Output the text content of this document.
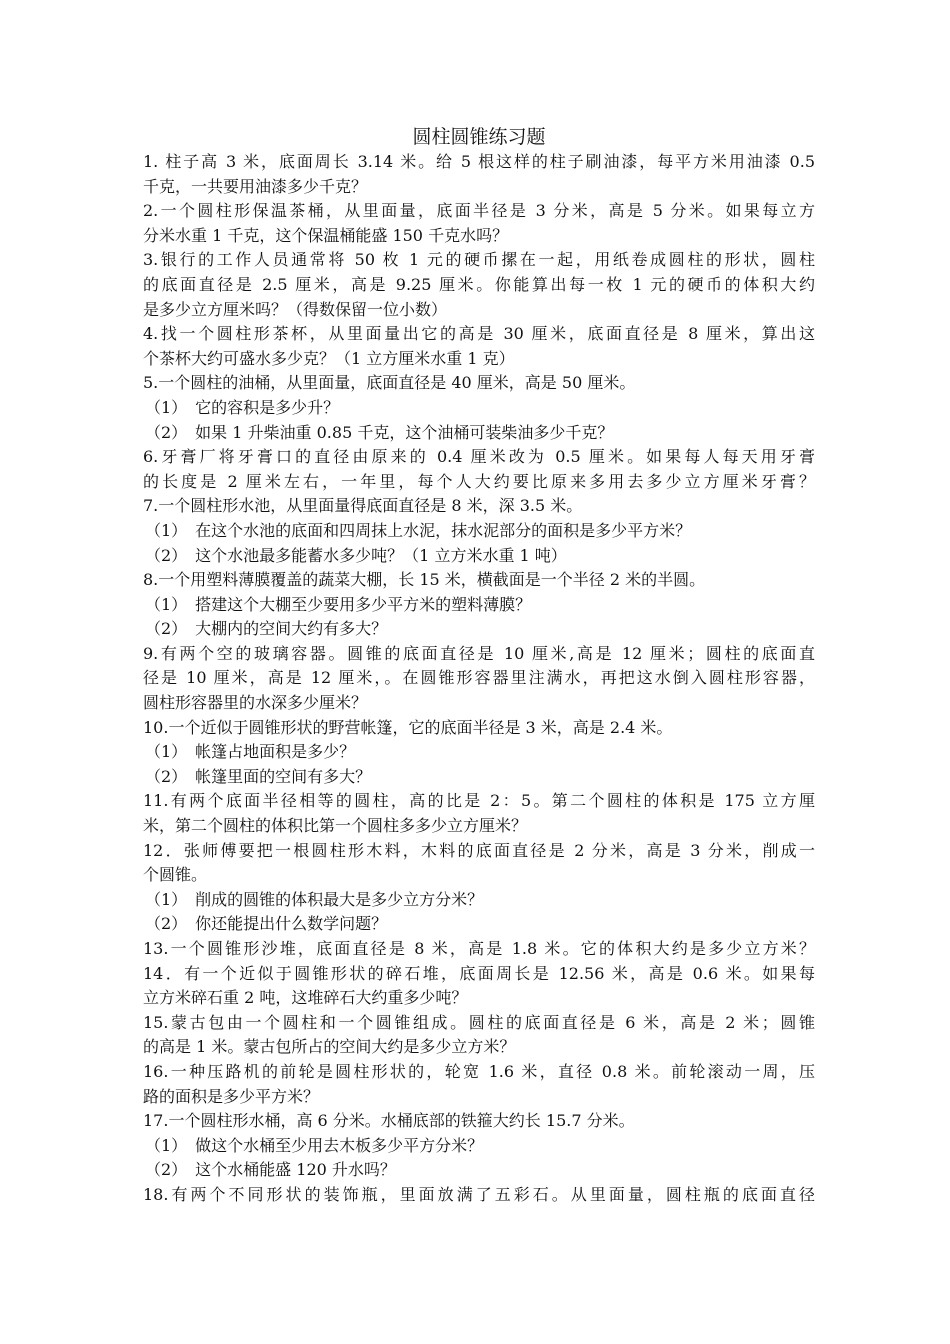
圆柱圆锥练习题
1. 柱子高 3 米，底面周长 3.14 米。给 5 根这样的柱子刷油漆，每平方米用油漆 0.5
千克，一共要用油漆多少千克？
2.一个圆柱形保温茶桶，从里面量，底面半径是 3 分米，高是 5 分米。如果每立方
分米水重 1 千克，这个保温桶能盛 150 千克水吗？
3.银行的工作人员通常将 50 枚 1 元的硬币摞在一起，用纸卷成圆柱的形状，圆柱
的底面直径是 2.5 厘米，高是 9.25 厘米。你能算出每一枚 1 元的硬币的体积大约
是多少立方厘米吗？（得数保留一位小数）
4.找一个圆柱形茶杯，从里面量出它的高是 30 厘米，底面直径是 8 厘米，算出这
个茶杯大约可盛水多少克？（1 立方厘米水重 1 克）
5.一个圆柱的油桶，从里面量，底面直径是 40 厘米，高是 50 厘米。
（1）　它的容积是多少升？
（2）　如果 1 升柴油重 0.85 千克，这个油桶可装柴油多少千克？
6.牙膏厂将牙膏口的直径由原来的 0.4 厘米改为 0.5 厘米。如果每人每天用牙膏
的长度是 2 厘米左右，一年里，每个人大约要比原来多用去多少立方厘米牙膏？
7.一个圆柱形水池，从里面量得底面直径是 8 米，深 3.5 米。
（1）　在这个水池的底面和四周抹上水泥，抹水泥部分的面积是多少平方米？
（2）　这个水池最多能蓄水多少吨？（1 立方米水重 1 吨）
8.一个用塑料薄膜覆盖的蔬菜大棚，长 15 米，横截面是一个半径 2 米的半圆。
（1）　搭建这个大棚至少要用多少平方米的塑料薄膜？
（2）　大棚内的空间大约有多大？
9.有两个空的玻璃容器。圆锥的底面直径是 10 厘米,高是 12 厘米；圆柱的底面直
径是 10 厘米，高是 12 厘米，。在圆锥形容器里注满水，再把这水倒入圆柱形容器，
圆柱形容器里的水深多少厘米？
10.一个近似于圆锥形状的野营帐篷，它的底面半径是 3 米，高是 2.4 米。
（1）　帐篷占地面积是多少？
（2）　帐篷里面的空间有多大？
11.有两个底面半径相等的圆柱，高的比是 2：5。第二个圆柱的体积是 175 立方厘
米，第二个圆柱的体积比第一个圆柱多多少立方厘米？
12．张师傅要把一根圆柱形木料，木料的底面直径是 2 分米，高是 3 分米，削成一
个圆锥。
（1）　削成的圆锥的体积最大是多少立方分米？
（2）　你还能提出什么数学问题？
13.一个圆锥形沙堆，底面直径是 8 米，高是 1.8 米。它的体积大约是多少立方米？
14．有一个近似于圆锥形状的碎石堆，底面周长是 12.56 米，高是 0.6 米。如果每
立方米碎石重 2 吨，这堆碎石大约重多少吨？
15.蒙古包由一个圆柱和一个圆锥组成。圆柱的底面直径是 6 米，高是 2 米；圆锥
的高是 1 米。蒙古包所占的空间大约是多少立方米？
16.一种压路机的前轮是圆柱形状的，轮宽 1.6 米，直径 0.8 米。前轮滚动一周，压
路的面积是多少平方米？
17.一个圆柱形水桶，高 6 分米。水桶底部的铁箍大约长 15.7 分米。
（1）　做这个水桶至少用去木板多少平方分米？
（2）　这个水桶能盛 120 升水吗？
18.有两个不同形状的装饰瓶，里面放满了五彩石。从里面量，圆柱瓶的底面直径
